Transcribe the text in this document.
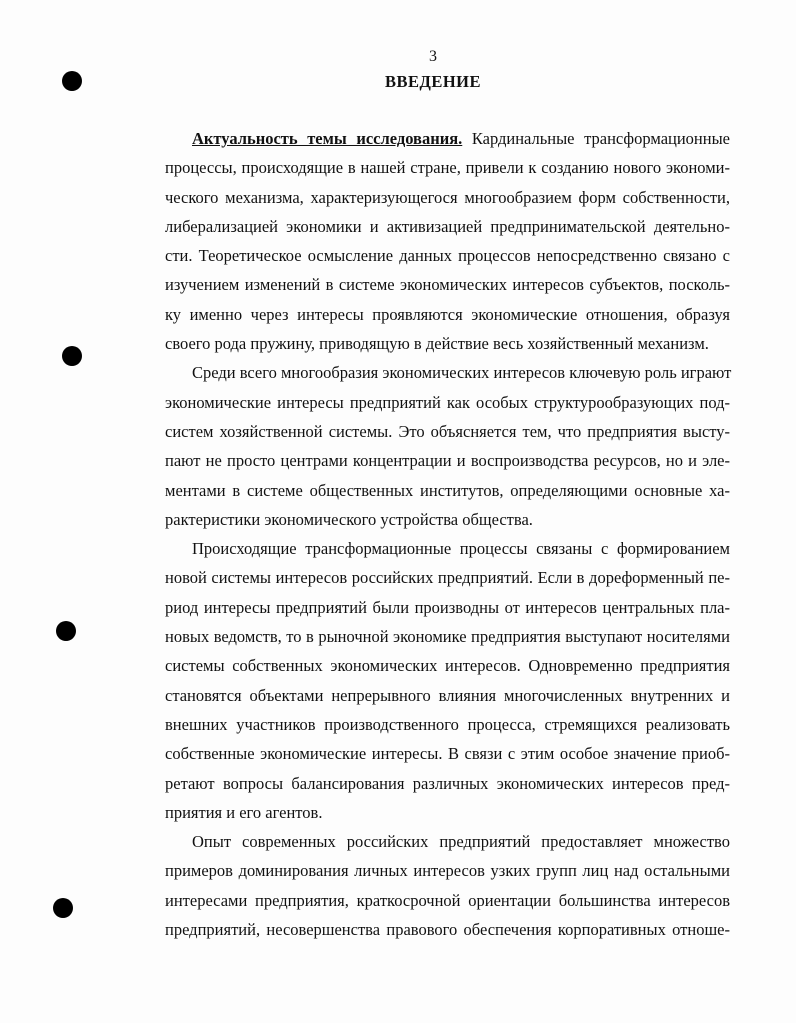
3
ВВЕДЕНИЕ
Актуальность темы исследования. Кардинальные трансформационные
процессы, происходящие в нашей стране, привели к созданию нового экономи-
ческого механизма, характеризующегося многообразием форм собственности,
либерализацией экономики и активизацией предпринимательской деятельно-
сти. Теоретическое осмысление данных процессов непосредственно связано с
изучением изменений в системе экономических интересов субъектов, посколь-
ку именно через интересы проявляются экономические отношения, образуя
своего рода пружину, приводящую в действие весь хозяйственный механизм.
Среди всего многообразия экономических интересов ключевую роль играют
экономические интересы предприятий как особых структурообразующих под-
систем хозяйственной системы. Это объясняется тем, что предприятия высту-
пают не просто центрами концентрации и воспроизводства ресурсов, но и эле-
ментами в системе общественных институтов, определяющими основные ха-
рактеристики экономического устройства общества.
Происходящие трансформационные процессы связаны с формированием
новой системы интересов российских предприятий. Если в дореформенный пе-
риод интересы предприятий были производны от интересов центральных пла-
новых ведомств, то в рыночной экономике предприятия выступают носителями
системы собственных экономических интересов. Одновременно предприятия
становятся объектами непрерывного влияния многочисленных внутренних и
внешних участников производственного процесса, стремящихся реализовать
собственные экономические интересы. В связи с этим особое значение приоб-
ретают вопросы балансирования различных экономических интересов пред-
приятия и его агентов.
Опыт современных российских предприятий предоставляет множество
примеров доминирования личных интересов узких групп лиц над остальными
интересами предприятия, краткосрочной ориентации большинства интересов
предприятий, несовершенства правового обеспечения корпоративных отноше-
